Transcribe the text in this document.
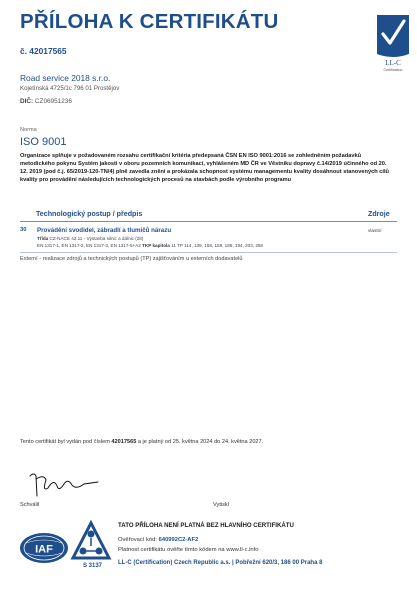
PŘÍLOHA K CERTIFIKÁTU
č. 42017565
LL-C
Certification
Road service 2018 s.r.o.
Kojetínská 4725/1c 796 01 Prostějov
DIČ: CZ06951236
Norma
ISO 9001
Organizace splňuje v požadovaném rozsahu certifikační kritéria předepsaná ČSN EN ISO 9001:2016 se zohledněním požadavků metodického pokynu Systém jakosti v oboru pozemních komunikací, vyhlášeném MD ČR ve Věstníku dopravy č.14/2019 účinného od 20. 12. 2019 (pod č.j. 65/2019-120-TN/4) plně zavedla zněni a prokázala schopnost systému managementu kvality dosáhnout stanovených cílů kvality pro provádění následujících technologických procesů na stavbách podle výrobního programu
Technologický postup / předpis	Zdroje
30 Provádění svodidel, zábradlí a tlumičů nárazu	vlastní
Třída CZ-NACE 42.11 - Výstavba silnic a dálnic (28)
EN 1317-1, EN 1317-2, EN 1317-3, EN 1317-5+A2 TKP kapitola 11 TP 114, 139, 158, 159, 186, 194, 203, 258
Externí - realizace zdrojů a technických postupů (TP) zajišťováním u externích dodavatelů
Tento certifikát byl vydán pod číslem 42017565 a je platný od 25. května 2024 do 24. května 2027.
Schválil	Vytiskl
IAF
S 3137
TATO PŘÍLOHA NENÍ PLATNÁ BEZ HLAVNÍHO CERTIFIKÁTU
Ověřovací kód: 640992C2-AF2
Platnost certifikátu ověřte tímto kódem na www.ll-c.info
LL-C (Certification) Czech Republic a.s. | Pobřežní 620/3, 186 00 Praha 8
